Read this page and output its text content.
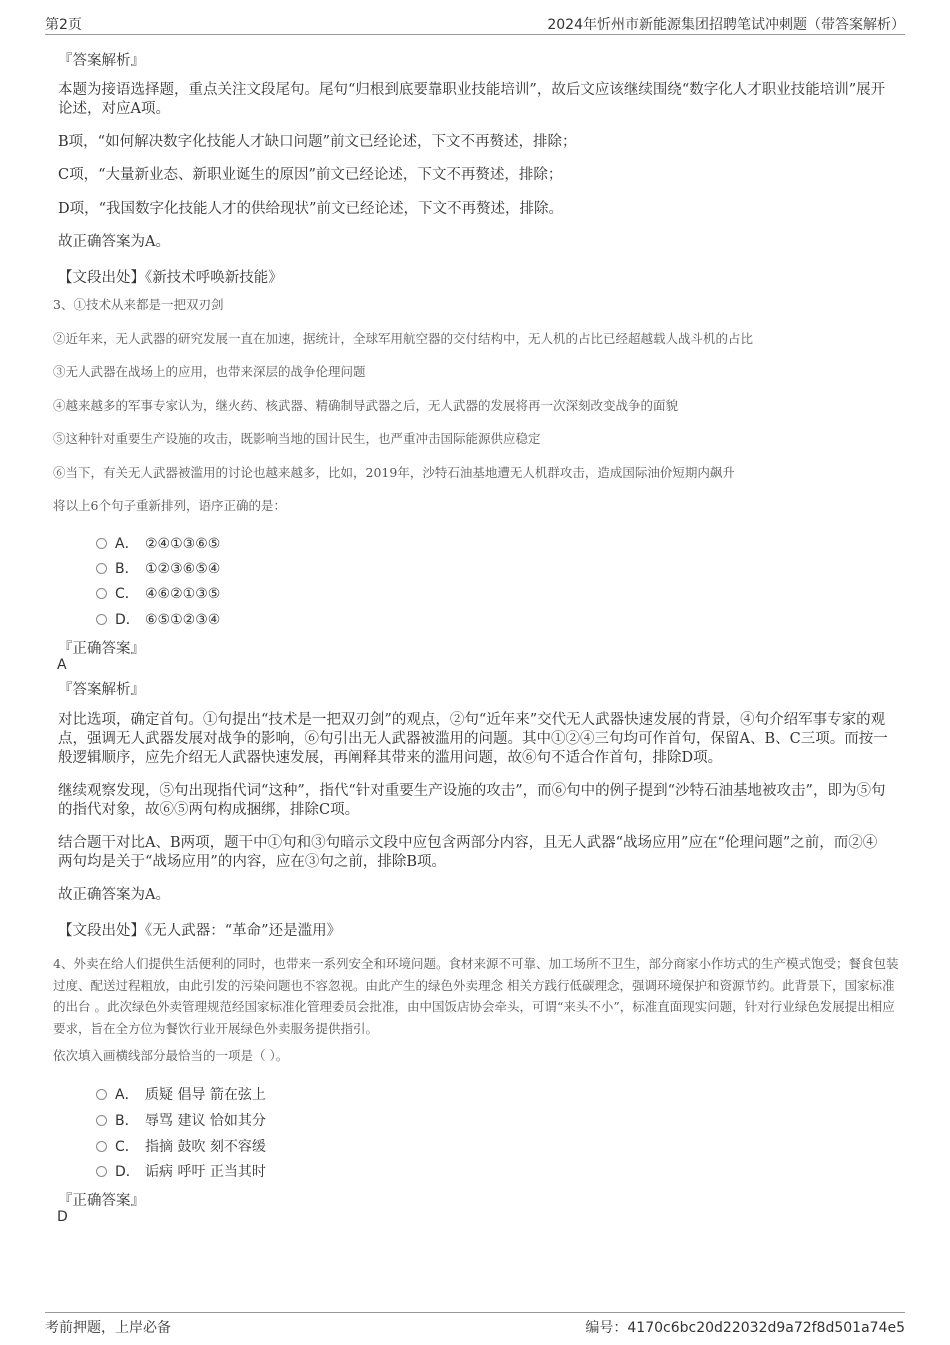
第2页	2024年忻州市新能源集团招聘笔试冲刺题（带答案解析）
『答案解析』

本题为接语选择题，重点关注文段尾句。尾句“归根到底要靠职业技能培训”，故后文应该继续围绕“数字化人才职业技能培训”展开论述，对应A项。

B项，“如何解决数字化技能人才缺口问题”前文已经论述，下文不再赘述，排除；

C项，“大量新业态、新职业诞生的原因”前文已经论述，下文不再赘述，排除；

D项，“我国数字化技能人才的供给现状”前文已经论述，下文不再赘述，排除。

故正确答案为A。

【文段出处】《新技术呼唤新技能》

3、①技术从来都是一把双刃剑

②近年来，无人武器的研究发展一直在加速，据统计，全球军用航空器的交付结构中，无人机的占比已经超越载人战斗机的占比

③无人武器在战场上的应用，也带来深层的战争伦理问题

④越来越多的军事专家认为，继火药、核武器、精确制导武器之后，无人武器的发展将再一次深刻改变战争的面貌

⑤这种针对重要生产设施的攻击，既影响当地的国计民生，也严重冲击国际能源供应稳定

⑥当下，有关无人武器被滥用的讨论也越来越多，比如，2019年，沙特石油基地遭无人机群攻击，造成国际油价短期内飙升

将以上6个句子重新排列，语序正确的是：

A． ②④①③⑥⑤
B． ①②③⑥⑤④
C． ④⑥②①③⑤
D． ⑥⑤①②③④
『正确答案』
A
『答案解析』

对比选项，确定首句。①句提出“技术是一把双刃剑”的观点，②句“近年来”交代无人武器快速发展的背景，④句介绍军事专家的观点，强调无人武器发展对战争的影响，⑥句引出无人武器被滥用的问题。其中①②④三句均可作首句，保留A、B、C三项。而按一般逻辑顺序，应先介绍无人武器快速发展，再阐释其带来的滥用问题，故⑥句不适合作首句，排除D项。

继续观察发现，⑤句出现指代词“这种”，指代“针对重要生产设施的攻击”，而⑥句中的例子提到“沙特石油基地被攻击”，即为⑤句的指代对象，故⑥⑤两句构成捆绑，排除C项。

结合题干对比A、B两项，题干中①句和③句暗示文段中应包含两部分内容，且无人武器“战场应用”应在“伦理问题”之前，而②④两句均是关于“战场应用”的内容，应在③句之前，排除B项。

故正确答案为A。

【文段出处】《无人武器：“革命”还是滥用》

4、外卖在给人们提供生活便利的同时，也带来一系列安全和环境问题。食材来源不可靠、加工场所不卫生，部分商家小作坊式的生产模式饱受；餐食包装过度、配送过程粗放，由此引发的污染问题也不容忽视。由此产生的绿色外卖理念 相关方践行低碳理念，强调环境保护和资源节约。此背景下，国家标准的出台 。此次绿色外卖管理规范经国家标准化管理委员会批准，由中国饭店协会牵头，可谓“来头不小”，标准直面现实问题，针对行业绿色发展提出相应要求，旨在全方位为餐饮行业开展绿色外卖服务提供指引。

依次填入画横线部分最恰当的一项是（ ）。

A． 质疑 倡导 箭在弦上
B． 辱骂 建议 恰如其分
C． 指摘 鼓吹 刻不容缓
D． 诟病 呼吁 正当其时
『正确答案』
D
考前押题，上岸必备	编号：4170c6bc20d22032d9a72f8d501a74e5
